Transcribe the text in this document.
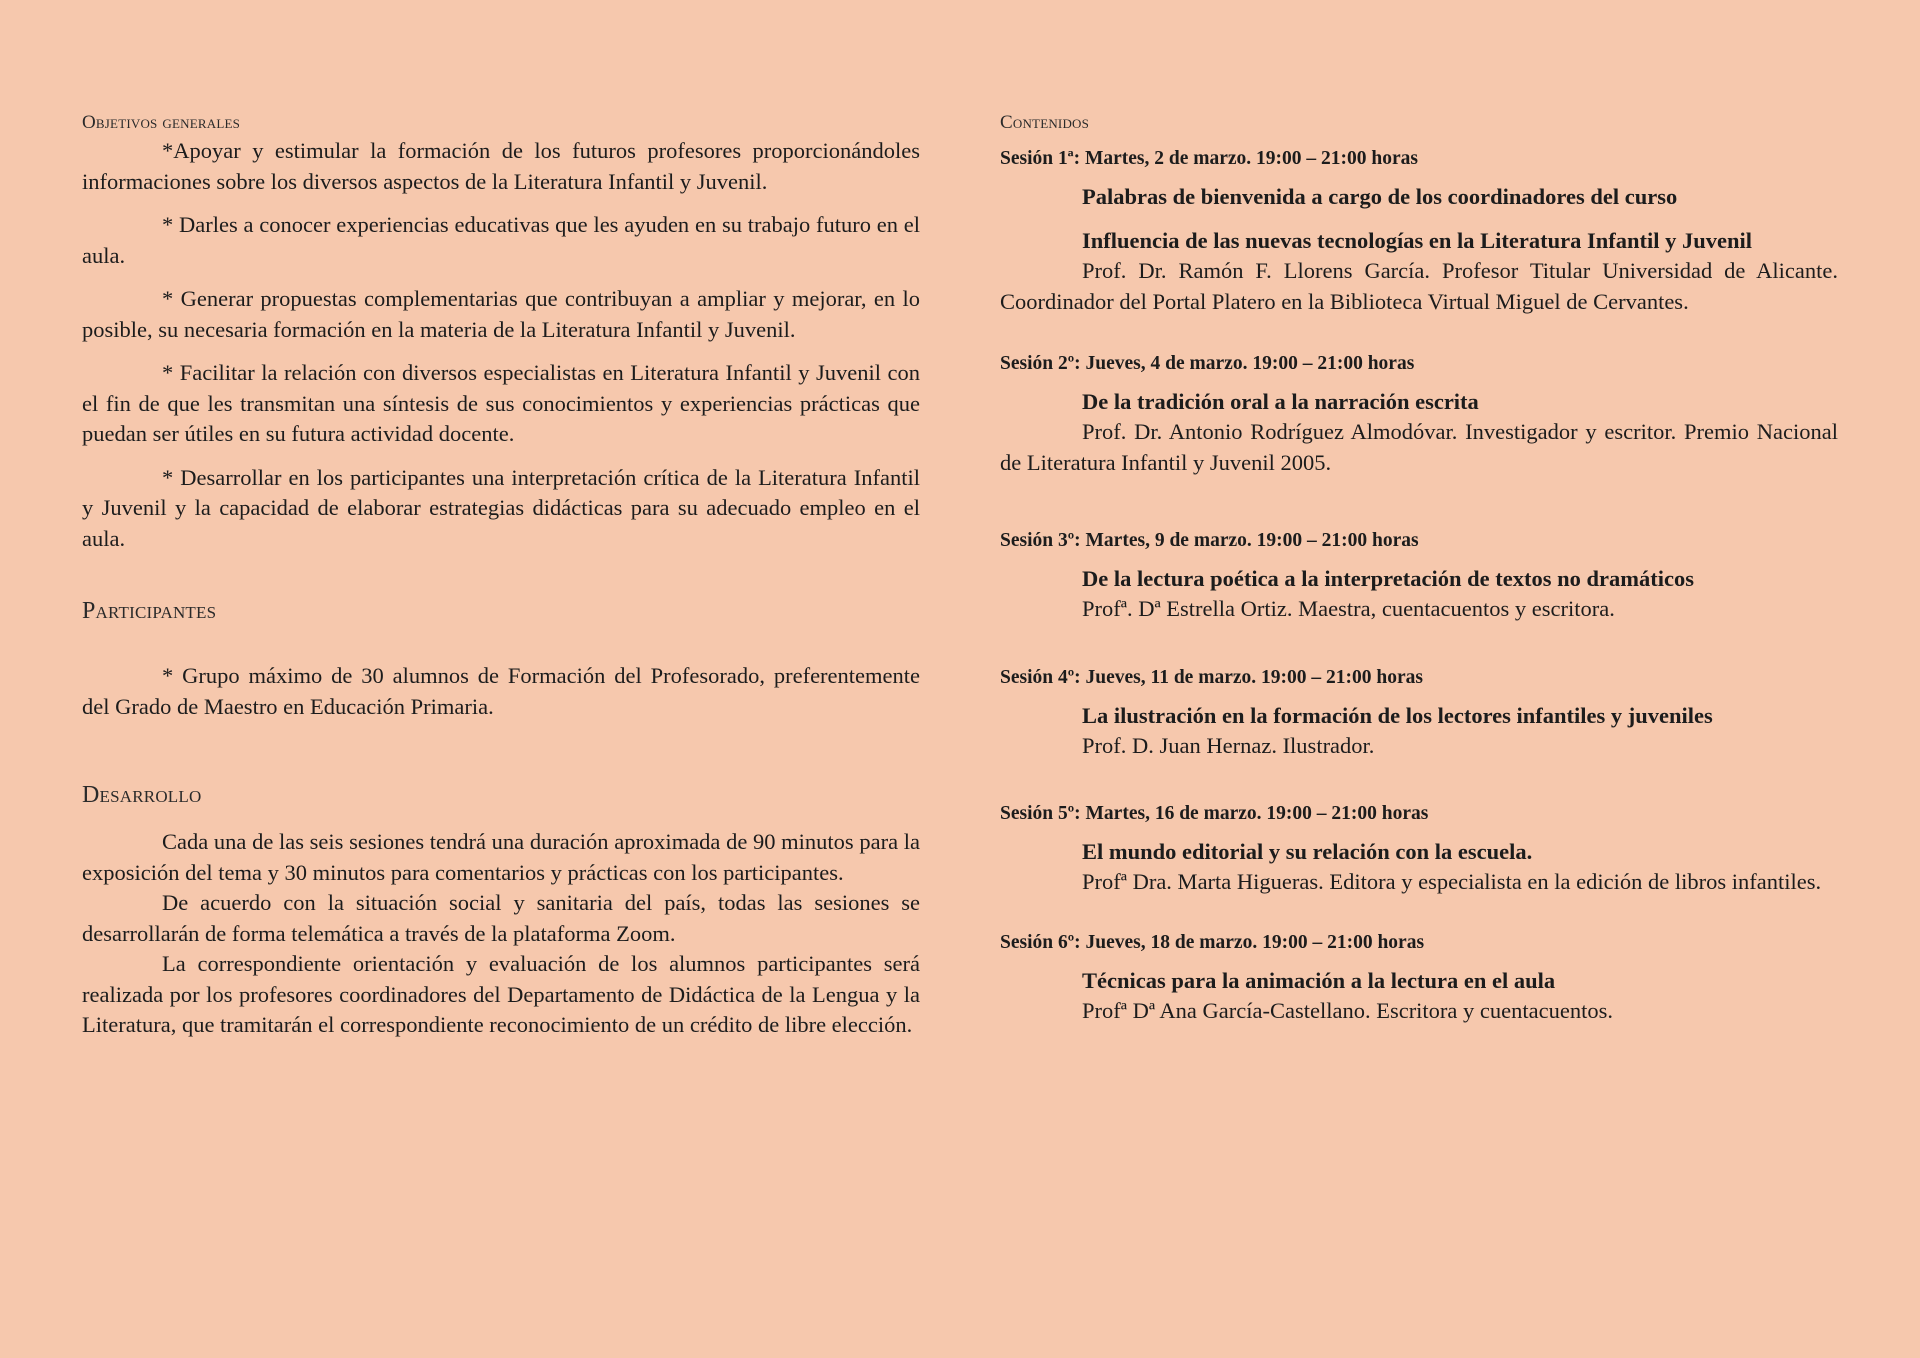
Objetivos generales

*Apoyar y estimular la formación de los futuros profesores proporcionándoles informaciones sobre los diversos aspectos de la Literatura Infantil y Juvenil.

* Darles a conocer experiencias educativas que les ayuden en su trabajo futuro en el aula.

* Generar propuestas complementarias que contribuyan a ampliar y mejorar, en lo posible, su necesaria formación en la materia de la Literatura Infantil y Juvenil.

* Facilitar la relación con diversos especialistas en Literatura Infantil y Juvenil con el fin de que les transmitan una síntesis de sus conocimientos y experiencias prácticas que puedan ser útiles en su futura actividad docente.

* Desarrollar en los participantes una interpretación crítica de la Literatura Infantil y Juvenil y la capacidad de elaborar estrategias didácticas para su adecuado empleo en el aula.

Participantes

* Grupo máximo de 30 alumnos de Formación del Profesorado, preferentemente del Grado de Maestro en Educación Primaria.

Desarrollo

Cada una de las seis sesiones tendrá una duración aproximada de 90 minutos para la exposición del tema y 30 minutos para comentarios y prácticas con los participantes.

De acuerdo con la situación social y sanitaria del país, todas las sesiones se desarrollarán de forma telemática a través de la plataforma Zoom.

La correspondiente orientación y evaluación de los alumnos participantes será realizada por los profesores coordinadores del Departamento de Didáctica de la Lengua y la Literatura, que tramitarán el correspondiente reconocimiento de un crédito de libre elección.

Contenidos

Sesión 1ª: Martes, 2 de marzo. 19:00 – 21:00 horas

Palabras de bienvenida a cargo de los coordinadores del curso

Influencia de las nuevas tecnologías en la Literatura Infantil y Juvenil

Prof. Dr. Ramón F. Llorens García. Profesor Titular Universidad de Alicante. Coordinador del Portal Platero en la Biblioteca Virtual Miguel de Cervantes.

Sesión 2º: Jueves, 4 de marzo. 19:00 – 21:00 horas

De la tradición oral a la narración escrita

Prof. Dr. Antonio Rodríguez Almodóvar. Investigador y escritor. Premio Nacional de Literatura Infantil y Juvenil 2005.

Sesión 3º: Martes, 9 de marzo. 19:00 – 21:00 horas

De la lectura poética a la interpretación de textos no dramáticos

Profª. Dª Estrella Ortiz. Maestra, cuentacuentos y escritora.

Sesión 4º: Jueves, 11 de marzo. 19:00 – 21:00 horas

La ilustración en la formación de los lectores infantiles y juveniles

Prof. D. Juan Hernaz. Ilustrador.

Sesión 5º: Martes, 16 de marzo. 19:00 – 21:00 horas

El mundo editorial y su relación con la escuela.

Profª Dra. Marta Higueras. Editora y especialista en la edición de libros infantiles.

Sesión 6º: Jueves, 18 de marzo. 19:00 – 21:00 horas

Técnicas para la animación a la lectura en el aula

Profª Dª Ana García-Castellano. Escritora y cuentacuentos.
